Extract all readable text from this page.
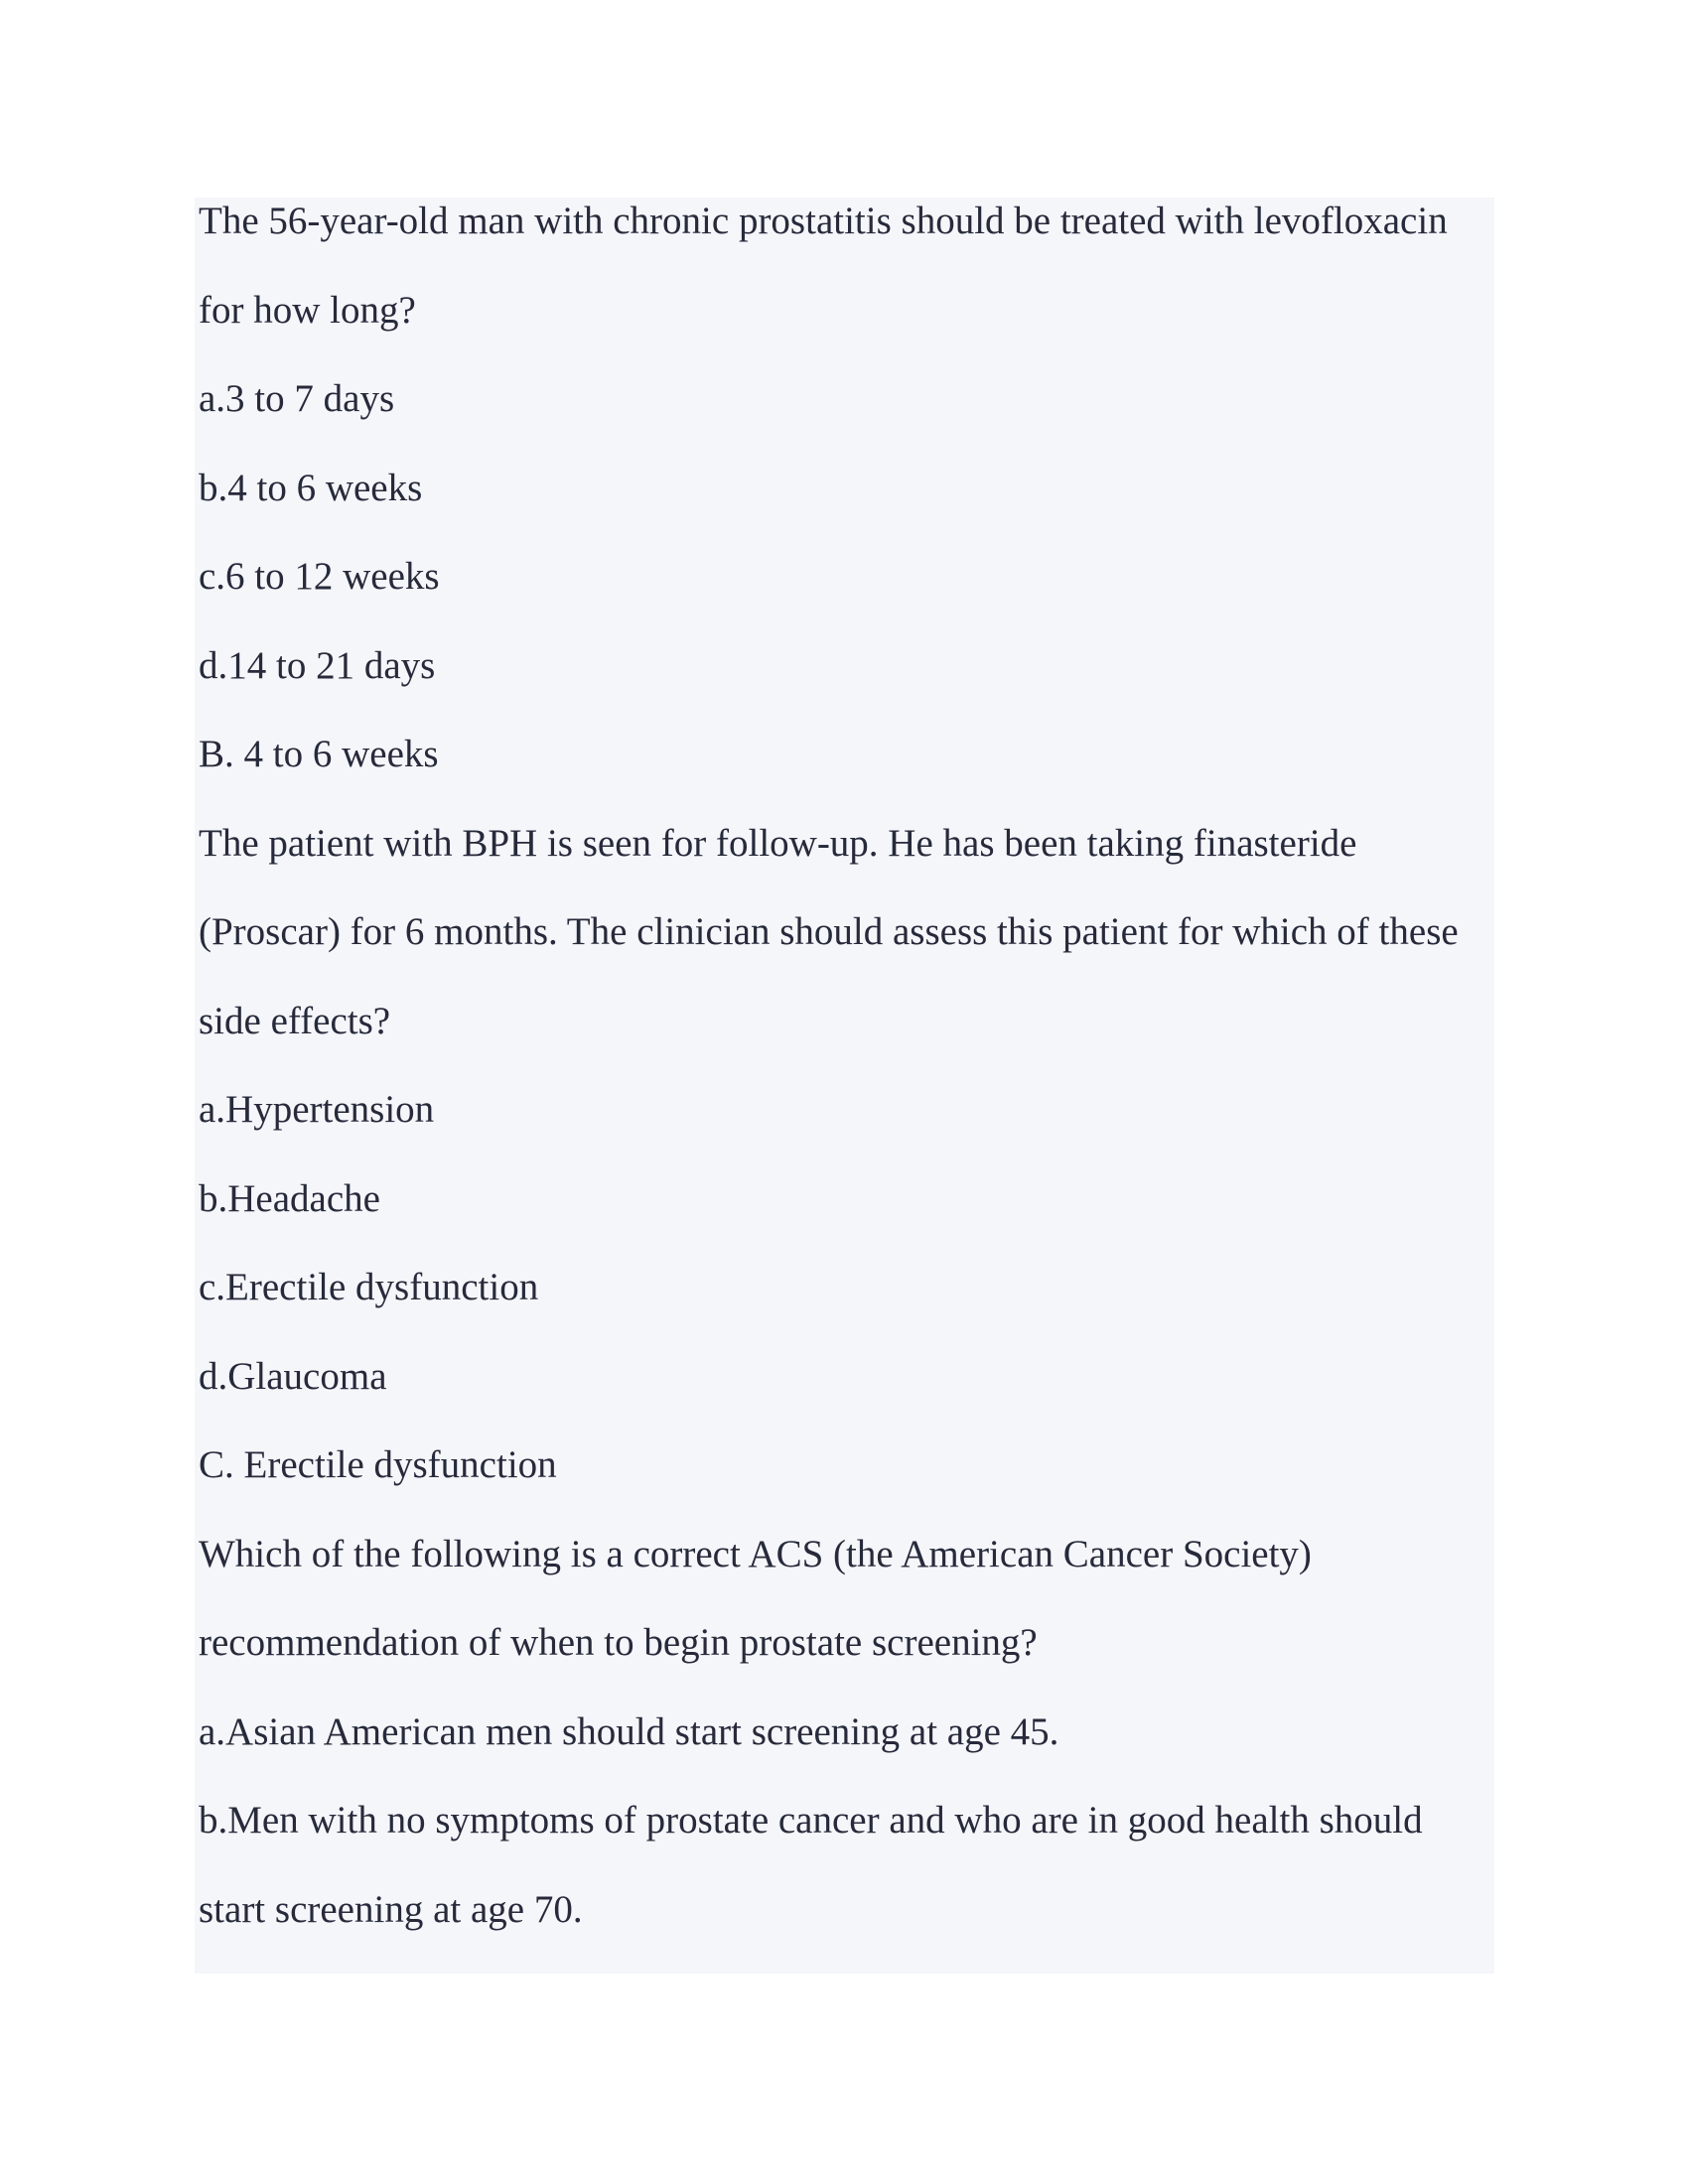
The 56-year-old man with chronic prostatitis should be treated with levofloxacin
for how long?
a.3 to 7 days
b.4 to 6 weeks
c.6 to 12 weeks
d.14 to 21 days
B. 4 to 6 weeks
The patient with BPH is seen for follow-up. He has been taking finasteride
(Proscar) for 6 months. The clinician should assess this patient for which of these
side effects?
a.Hypertension
b.Headache
c.Erectile dysfunction
d.Glaucoma
C. Erectile dysfunction
Which of the following is a correct ACS (the American Cancer Society)
recommendation of when to begin prostate screening?
a.Asian American men should start screening at age 45.
b.Men with no symptoms of prostate cancer and who are in good health should
start screening at age 70.
